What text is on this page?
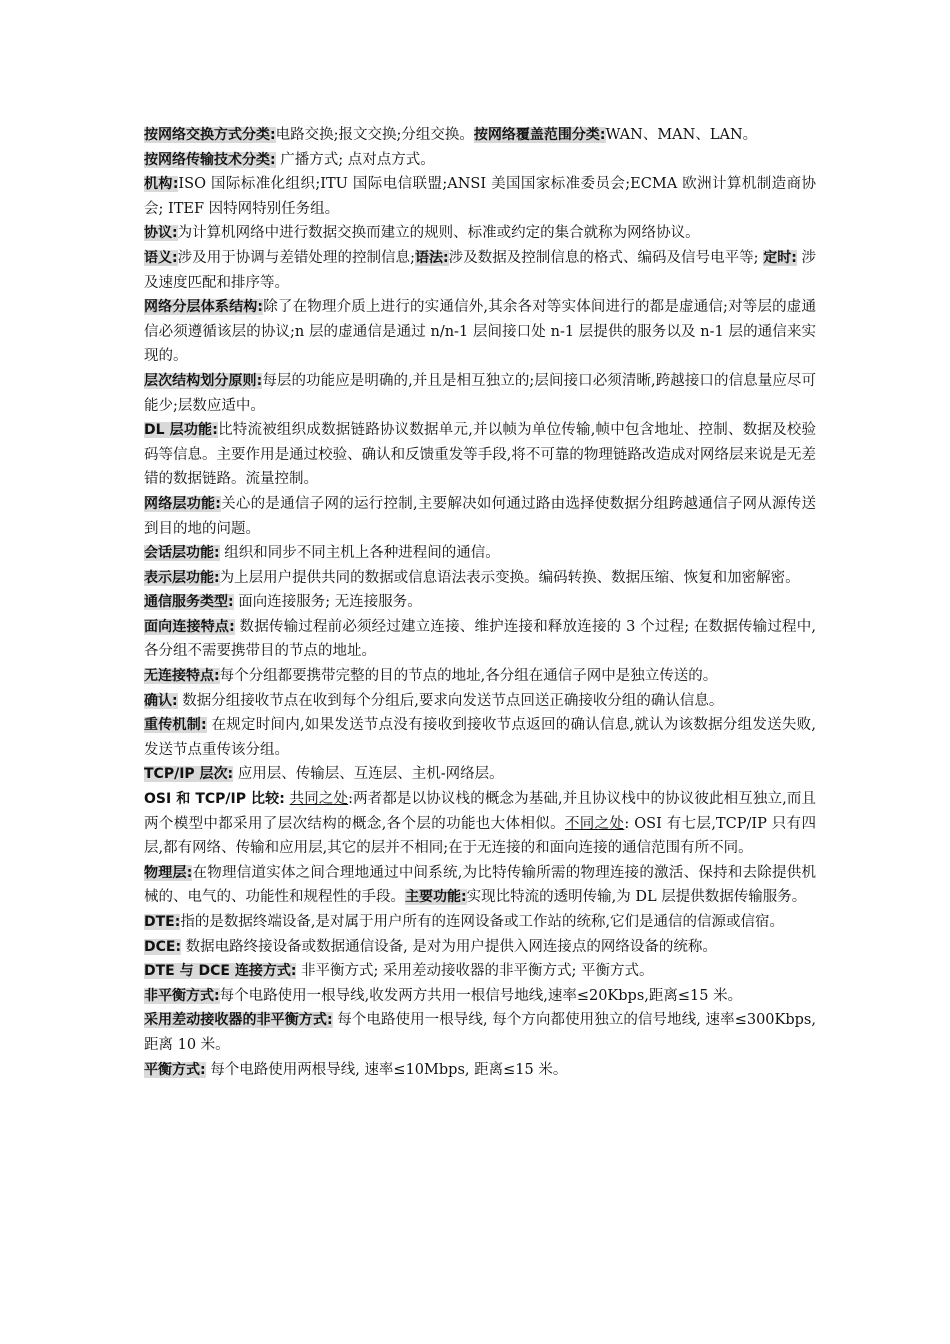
按网络交换方式分类:电路交换;报文交换;分组交换。按网络覆盖范围分类:WAN、MAN、LAN。

按网络传输技术分类: 广播方式; 点对点方式。

机构:ISO 国际标准化组织;ITU 国际电信联盟;ANSI 美国国家标准委员会;ECMA 欧洲计算机制造商协会; ITEF 因特网特别任务组。

协议:为计算机网络中进行数据交换而建立的规则、标准或约定的集合就称为网络协议。

语义:涉及用于协调与差错处理的控制信息;语法:涉及数据及控制信息的格式、编码及信号电平等; 定时: 涉及速度匹配和排序等。

网络分层体系结构:除了在物理介质上进行的实通信外,其余各对等实体间进行的都是虚通信;对等层的虚通信必须遵循该层的协议;n 层的虚通信是通过 n/n-1 层间接口处 n-1 层提供的服务以及 n-1 层的通信来实现的。

层次结构划分原则:每层的功能应是明确的,并且是相互独立的;层间接口必须清晰,跨越接口的信息量应尽可能少;层数应适中。

DL 层功能:比特流被组织成数据链路协议数据单元,并以帧为单位传输,帧中包含地址、控制、数据及校验码等信息。主要作用是通过校验、确认和反馈重发等手段,将不可靠的物理链路改造成对网络层来说是无差错的数据链路。流量控制。

网络层功能:关心的是通信子网的运行控制,主要解决如何通过路由选择使数据分组跨越通信子网从源传送到目的地的问题。

会话层功能: 组织和同步不同主机上各种进程间的通信。

表示层功能:为上层用户提供共同的数据或信息语法表示变换。编码转换、数据压缩、恢复和加密解密。

通信服务类型: 面向连接服务; 无连接服务。

面向连接特点: 数据传输过程前必须经过建立连接、维护连接和释放连接的 3 个过程; 在数据传输过程中, 各分组不需要携带目的节点的地址。

无连接特点:每个分组都要携带完整的目的节点的地址,各分组在通信子网中是独立传送的。

确认: 数据分组接收节点在收到每个分组后,要求向发送节点回送正确接收分组的确认信息。

重传机制: 在规定时间内,如果发送节点没有接收到接收节点返回的确认信息,就认为该数据分组发送失败,发送节点重传该分组。

TCP/IP 层次: 应用层、传输层、互连层、主机-网络层。

OSI 和 TCP/IP 比较: 共同之处:两者都是以协议栈的概念为基础,并且协议栈中的协议彼此相互独立,而且两个模型中都采用了层次结构的概念,各个层的功能也大体相似。不同之处: OSI 有七层,TCP/IP 只有四层,都有网络、传输和应用层,其它的层并不相同;在于无连接的和面向连接的通信范围有所不同。

物理层:在物理信道实体之间合理地通过中间系统,为比特传输所需的物理连接的激活、保持和去除提供机械的、电气的、功能性和规程性的手段。主要功能:实现比特流的透明传输,为 DL 层提供数据传输服务。

DTE:指的是数据终端设备,是对属于用户所有的连网设备或工作站的统称,它们是通信的信源或信宿。

DCE: 数据电路终接设备或数据通信设备, 是对为用户提供入网连接点的网络设备的统称。

DTE 与 DCE 连接方式: 非平衡方式; 采用差动接收器的非平衡方式; 平衡方式。

非平衡方式:每个电路使用一根导线,收发两方共用一根信号地线,速率≤20Kbps,距离≤15 米。

采用差动接收器的非平衡方式: 每个电路使用一根导线, 每个方向都使用独立的信号地线, 速率≤300Kbps, 距离 10 米。

平衡方式: 每个电路使用两根导线, 速率≤10Mbps, 距离≤15 米。
